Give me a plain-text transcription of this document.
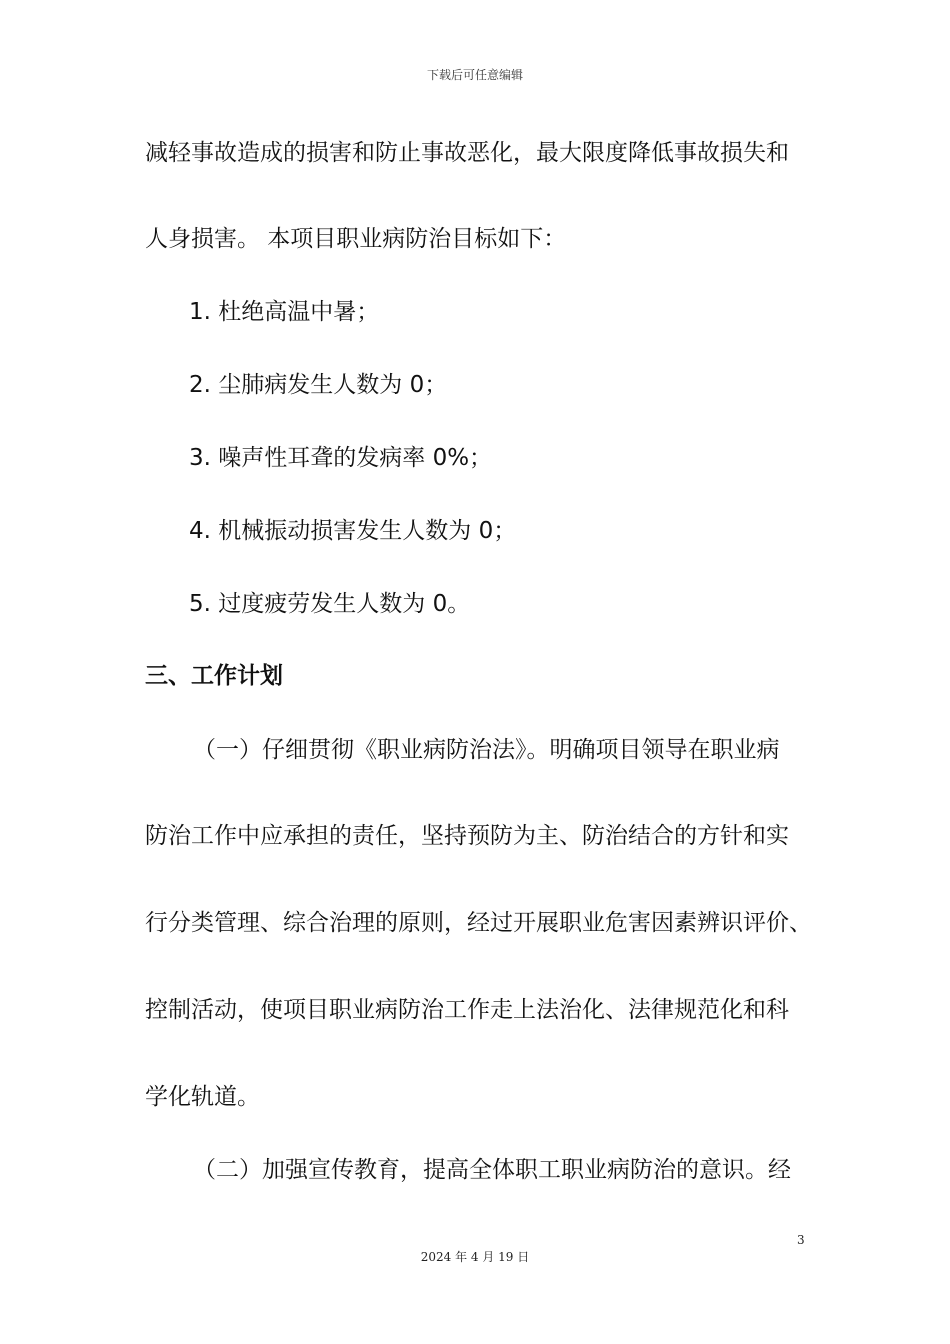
下载后可任意编辑
减轻事故造成的损害和防止事故恶化，最大限度降低事故损失和
人身损害。 本项目职业病防治目标如下：
1. 杜绝高温中暑；
2. 尘肺病发生人数为 0；
3. 噪声性耳聋的发病率 0%；
4. 机械振动损害发生人数为 0；
5. 过度疲劳发生人数为 0。
三、工作计划
（一）仔细贯彻《职业病防治法》。明确项目领导在职业病
防治工作中应承担的责任，坚持预防为主、防治结合的方针和实
行分类管理、综合治理的原则，经过开展职业危害因素辨识评价、
控制活动，使项目职业病防治工作走上法治化、法律规范化和科
学化轨道。
（二）加强宣传教育，提高全体职工职业病防治的意识。经
3
2024 年 4 月 19 日
